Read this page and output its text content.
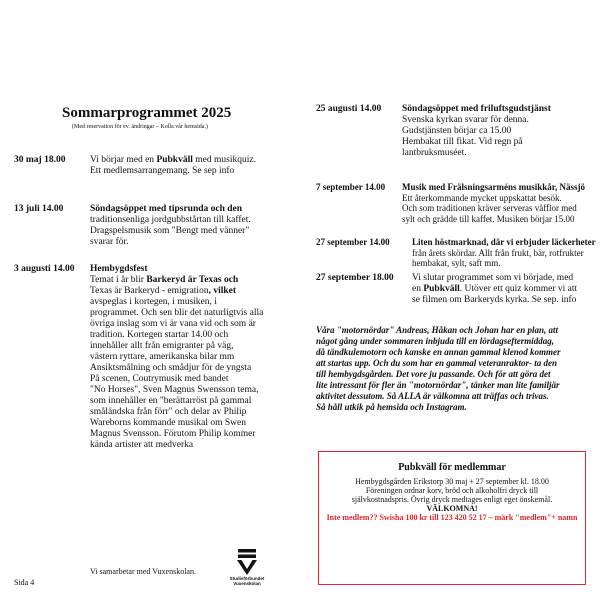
Sommarprogrammet 2025
(Med reservation för ev. ändringar – Kolla vår hemsida.)
30 maj 18.00	Vi börjar med en Pubkväll med musikquiz.
Ett medlemsarrangemang. Se sep info
13 juli 14.00	Söndagsöppet med tipsrunda och den
traditionsenliga jordgubbstårtan till kaffet.
Dragspelsmusik som "Bengt med vänner"
svarar för.
3 augusti 14.00 Hembygdsfest
Temat i år blir Barkeryd är Texas och
Texas är Barkeryd - emigration, vilket
avspeglas i kortegen, i musiken, i
programmet. Och sen blir det naturligtvis alla
övriga inslag som vi är vana vid och som är
tradition. Kortegen startar 14.00 och
innehåller allt från emigranter på väg,
västern ryttare, amerikanska bilar mm
Ansiktsmålning och smådjur för de yngsta
På scenen, Coutrymusik med bandet
"No Horses", Sven Magnus Swensson tema,
som innehåller en "berättarröst på gammal
småländska från förr" och delar av Philip
Wareborns kommande musikal om Swen
Magnus Svensson. Förutom Philip kommer
kända artister att medverka
Vi samarbetar med Vuxenskolan.
Sida 4	Studieförbundet
Vuxenskolan
25 augusti 14.00 Söndagsöppet med friluftsgudstjänst
Svenska kyrkan svarar för denna.
Gudstjänsten börjar ca 15.00
Hembakat till fikat. Vid regn på
lantbruksmuséet.
7 september 14.00 Musik med Frälsningsarméns musikkår, Nässjö
Ett återkommande mycket uppskattat besök.
Och som traditionen kräver serveras våfflor med
sylt och grädde till kaffet. Musiken börjar 15.00
27 september 14.00 Liten höstmarknad, där vi erbjuder läckerheter
från årets skördar. Allt från frukt, bär, rotfrukter
hembakat, sylt, saft mm.
27 september 18.00 Vi slutar programmet som vi började, med
en Pubkväll. Utöver ett quiz kommer vi att
se filmen om Barkeryds kyrka. Se sep. info
Våra "motornördar" Andreas, Håkan och Johan har en plan, att
något gång under sommaren inbjuda till en lördagseftermiddag,
då tändkulemotorn och kanske en annan gammal klenod kommer
att startas upp. Och du som har en gammal veteranraktor- ta den
till hembygdsgården. Det vore ju passande. Och för att göra det
lite intressant för fler än "motornördar", tänker man lite familjär
aktivitet dessutom. Så ALLA är välkomna att träffas och trivas.
Så håll utkik på hemsida och Instagram.
Pubkväll för medlemmar
Hembygdsgården Erikstorp 30 maj + 27 september kl. 18.00
Föreningen ordnar korv, bröd och alkoholfri dryck till
självkostnadspris. Övrig dryck medtages enligt eget önskemål.
VÄLKOMNA!
Inte medlem?? Swisha 100 kr till 123 420 52 17 – märk "medlem"+ namn
